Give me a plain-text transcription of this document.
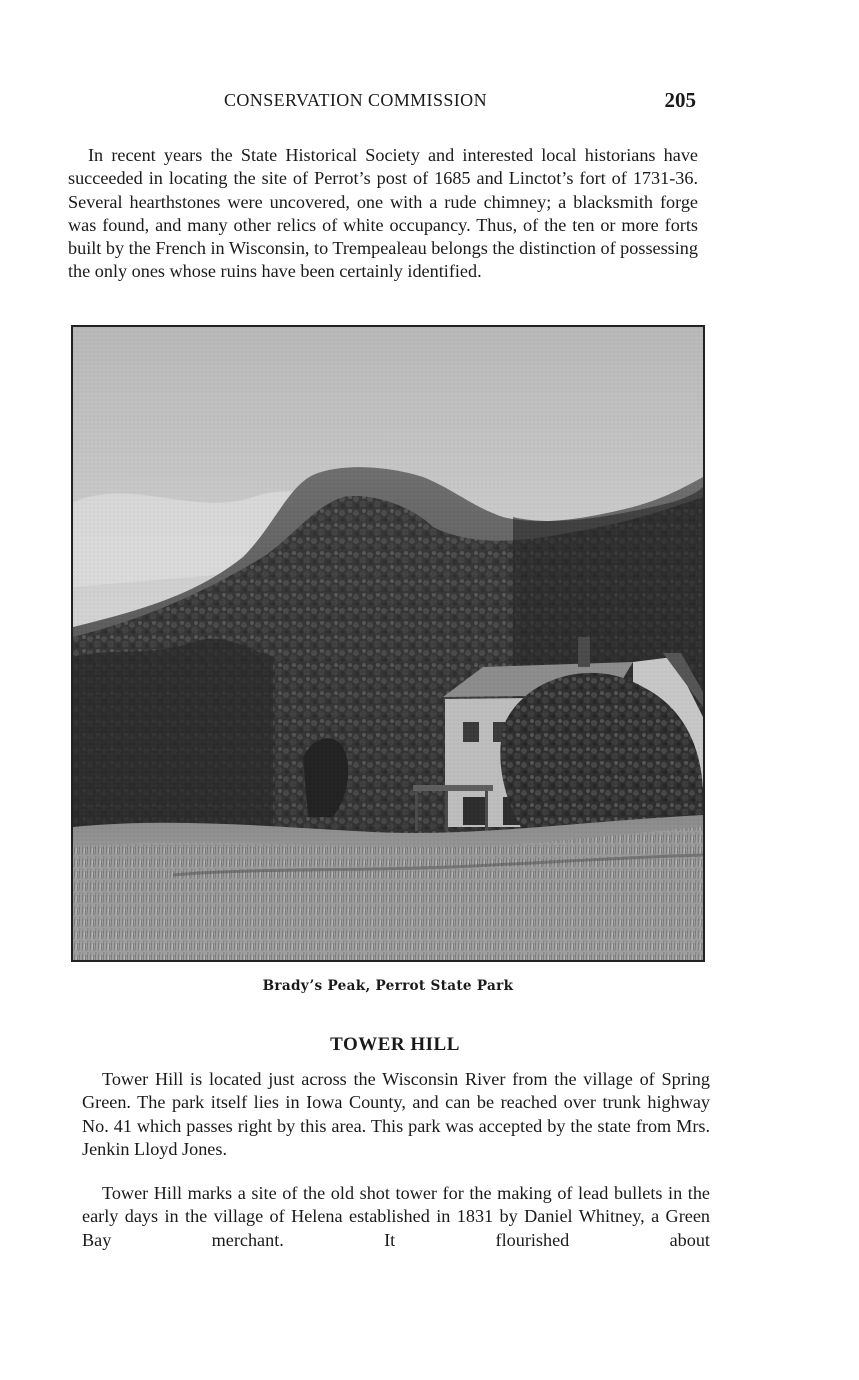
CONSERVATION COMMISSION	205

In recent years the State Historical Society and interested local historians have succeeded in locating the site of Perrot’s post of 1685 and Linctot’s fort of 1731-36. Several hearthstones were uncovered, one with a rude chimney; a blacksmith forge was found, and many other relics of white occupancy. Thus, of the ten or more forts built by the French in Wisconsin, to Trempealeau belongs the distinction of possessing the only ones whose ruins have been certainly identified.

Brady’s Peak, Perrot State Park
TOWER HILL

Tower Hill is located just across the Wisconsin River from the village of Spring Green. The park itself lies in Iowa County, and can be reached over trunk highway No. 41 which passes right by this area. This park was accepted by the state from Mrs. Jenkin Lloyd Jones.

Tower Hill marks a site of the old shot tower for the making of lead bullets in the early days in the village of Helena established in 1831 by Daniel Whitney, a Green Bay merchant. It flourished about
